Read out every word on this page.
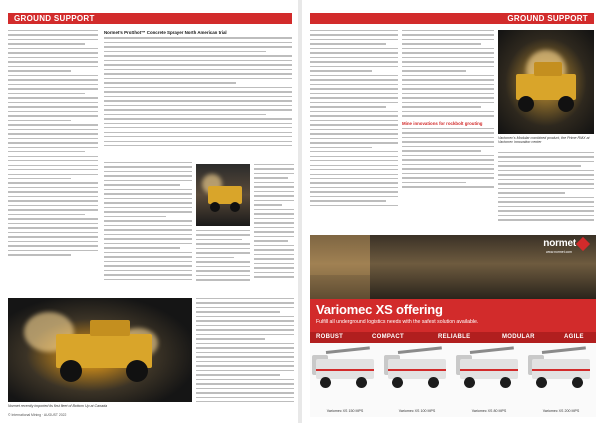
GROUND SUPPORT
Normet’s ProShot™ Concrete Sprayer North American trial
Normet recently imported its first fleet of Bottom Up at Canada
© International Mining · AUGUST 2022
GROUND SUPPORT
Mine innovations for rockbolt grouting
Variomec’s Modular combined product, the Prime RMX at Variomec innovation center
normet
www.normet.com
Variomec XS offering
Fulfill all underground logistics needs with the safest solution available.
ROBUST	COMPACT	RELIABLE	MODULAR	AGILE
Variomec XS 150 MPS	Variomec XS 100 MPS	Variomec XS 80 MPS	Variomec XS 200 MPS
